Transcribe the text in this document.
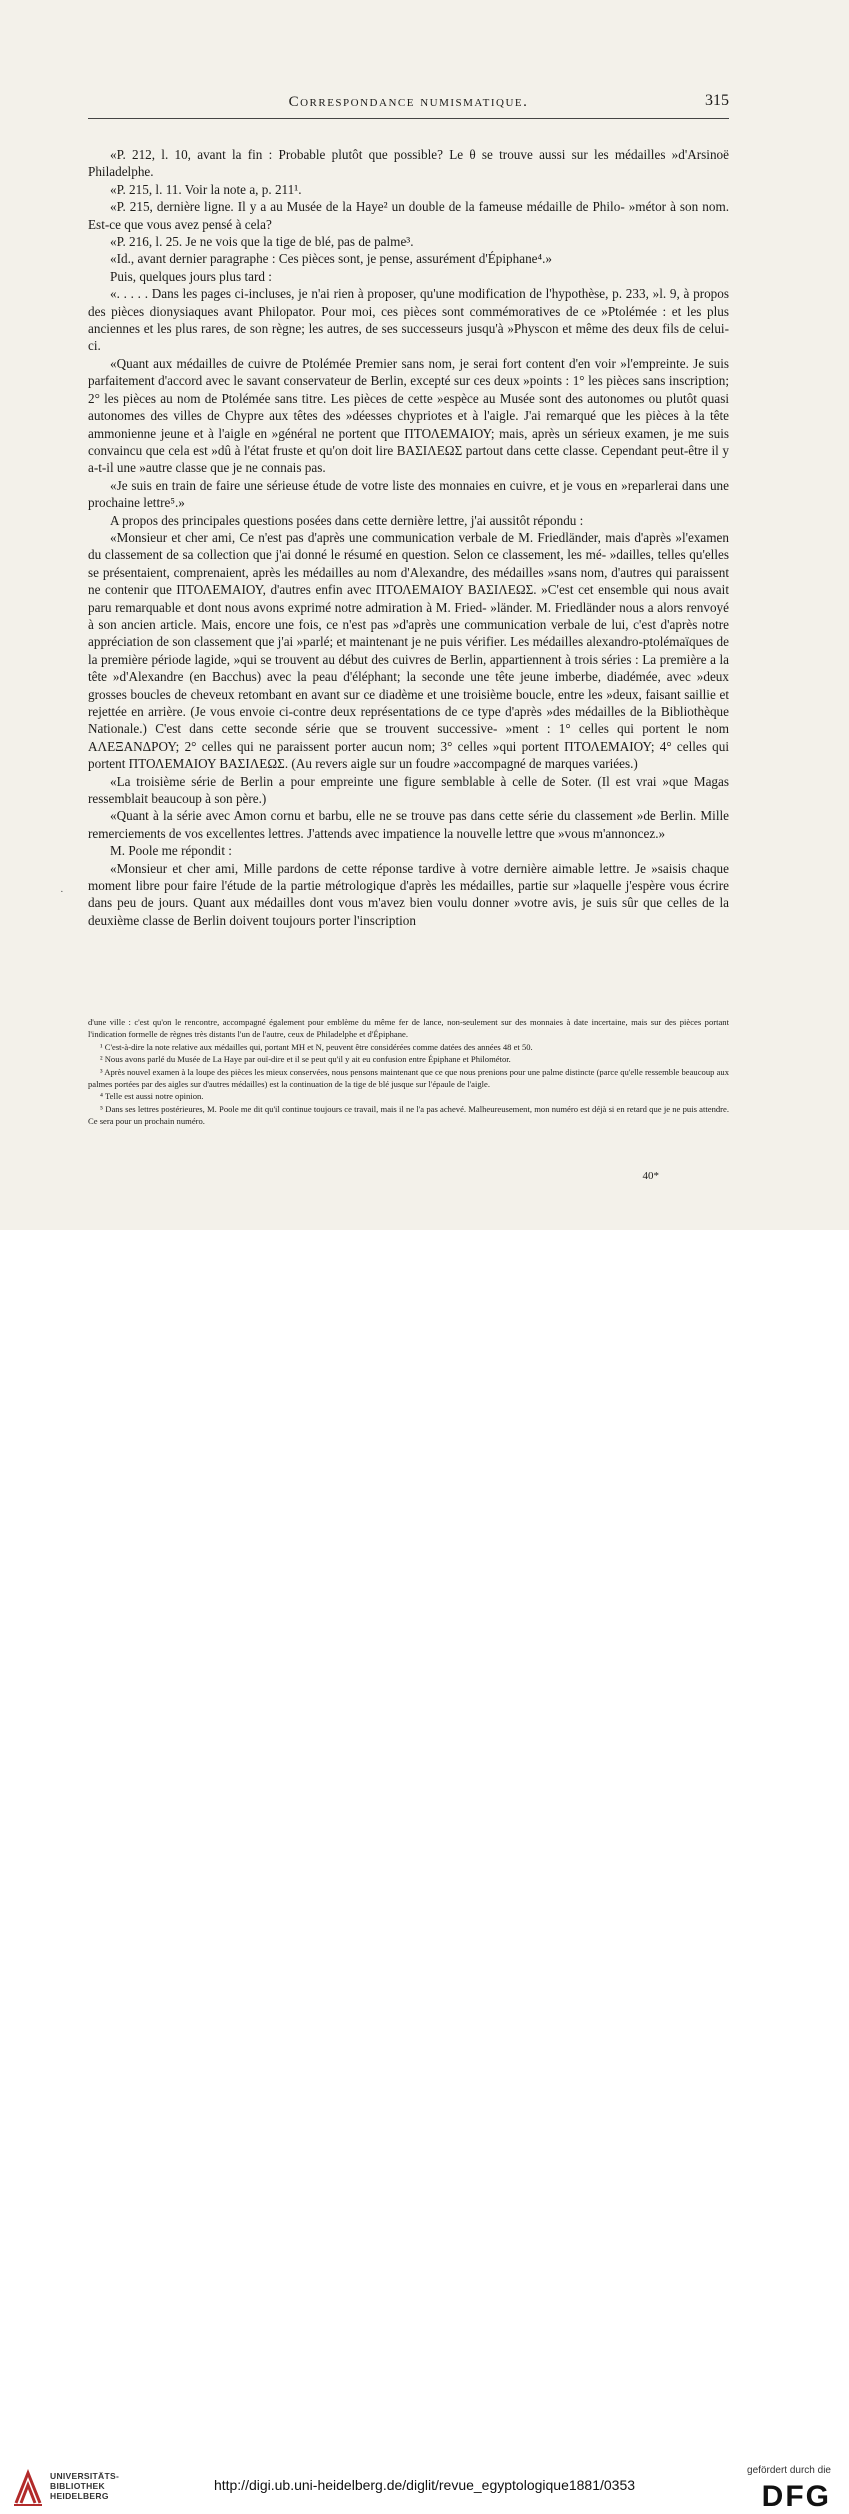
Correspondance numismatique.	315

«P. 212, l. 10, avant la fin : Probable plutôt que possible? Le θ se trouve aussi sur les médailles »d'Arsinoë Philadelphe.

«P. 215, l. 11. Voir la note a, p. 211¹.

«P. 215, dernière ligne. Il y a au Musée de la Haye² un double de la fameuse médaille de Philo- »métor à son nom. Est-ce que vous avez pensé à cela?

«P. 216, l. 25. Je ne vois que la tige de blé, pas de palme³.

«Id., avant dernier paragraphe : Ces pièces sont, je pense, assurément d'Épiphane⁴.»

Puis, quelques jours plus tard :

«. . . . . Dans les pages ci-incluses, je n'ai rien à proposer, qu'une modification de l'hypothèse, p. 233, »l. 9, à propos des pièces dionysiaques avant Philopator. Pour moi, ces pièces sont commémoratives de ce »Ptolémée : et les plus anciennes et les plus rares, de son règne; les autres, de ses successeurs jusqu'à »Physcon et même des deux fils de celui-ci.

«Quant aux médailles de cuivre de Ptolémée Premier sans nom, je serai fort content d'en voir »l'empreinte. Je suis parfaitement d'accord avec le savant conservateur de Berlin, excepté sur ces deux »points : 1° les pièces sans inscription; 2° les pièces au nom de Ptolémée sans titre. Les pièces de cette »espèce au Musée sont des autonomes ou plutôt quasi autonomes des villes de Chypre aux têtes des »déesses chypriotes et à l'aigle. J'ai remarqué que les pièces à la tête ammonienne jeune et à l'aigle en »général ne portent que ΠΤΟΛΕΜΑΙΟΥ; mais, après un sérieux examen, je me suis convaincu que cela est »dû à l'état fruste et qu'on doit lire ΒΑΣΙΛΕΩΣ partout dans cette classe. Cependant peut-être il y a-t-il une »autre classe que je ne connais pas.

«Je suis en train de faire une sérieuse étude de votre liste des monnaies en cuivre, et je vous en »reparlerai dans une prochaine lettre⁵.»

A propos des principales questions posées dans cette dernière lettre, j'ai aussitôt répondu :

«Monsieur et cher ami, Ce n'est pas d'après une communication verbale de M. Friedländer, mais d'après »l'examen du classement de sa collection que j'ai donné le résumé en question. Selon ce classement, les mé- »dailles, telles qu'elles se présentaient, comprenaient, après les médailles au nom d'Alexandre, des médailles »sans nom, d'autres qui paraissent ne contenir que ΠΤΟΛΕΜΑΙΟΥ, d'autres enfin avec ΠΤΟΛΕΜΑΙΟΥ ΒΑΣΙΛΕΩΣ. »C'est cet ensemble qui nous avait paru remarquable et dont nous avons exprimé notre admiration à M. Fried- »länder. M. Friedländer nous a alors renvoyé à son ancien article. Mais, encore une fois, ce n'est pas »d'après une communication verbale de lui, c'est d'après notre appréciation de son classement que j'ai »parlé; et maintenant je ne puis vérifier. Les médailles alexandro-ptolémaïques de la première période lagide, »qui se trouvent au début des cuivres de Berlin, appartiennent à trois séries : La première a la tête »d'Alexandre (en Bacchus) avec la peau d'éléphant; la seconde une tête jeune imberbe, diadémée, avec »deux grosses boucles de cheveux retombant en avant sur ce diadème et une troisième boucle, entre les »deux, faisant saillie et rejettée en arrière. (Je vous envoie ci-contre deux représentations de ce type d'après »des médailles de la Bibliothèque Nationale.) C'est dans cette seconde série que se trouvent successive- »ment : 1° celles qui portent le nom ΑΛΕΞΑΝΔΡΟΥ; 2° celles qui ne paraissent porter aucun nom; 3° celles »qui portent ΠΤΟΛΕΜΑΙΟΥ; 4° celles qui portent ΠΤΟΛΕΜΑΙΟΥ ΒΑΣΙΛΕΩΣ. (Au revers aigle sur un foudre »accompagné de marques variées.)

«La troisième série de Berlin a pour empreinte une figure semblable à celle de Soter. (Il est vrai »que Magas ressemblait beaucoup à son père.)

«Quant à la série avec Amon cornu et barbu, elle ne se trouve pas dans cette série du classement »de Berlin. Mille remerciements de vos excellentes lettres. J'attends avec impatience la nouvelle lettre que »vous m'annoncez.»

M. Poole me répondit :

«Monsieur et cher ami, Mille pardons de cette réponse tardive à votre dernière aimable lettre. Je »saisis chaque moment libre pour faire l'étude de la partie métrologique d'après les médailles, partie sur »laquelle j'espère vous écrire dans peu de jours. Quant aux médailles dont vous m'avez bien voulu donner »votre avis, je suis sûr que celles de la deuxième classe de Berlin doivent toujours porter l'inscription

·

d'une ville : c'est qu'on le rencontre, accompagné également pour emblème du même fer de lance, non-seulement sur des monnaies à date incertaine, mais sur des pièces portant l'indication formelle de règnes très distants l'un de l'autre, ceux de Philadelphe et d'Épiphane.

¹ C'est-à-dire la note relative aux médailles qui, portant ΜΗ et Ν, peuvent être considérées comme datées des années 48 et 50.

² Nous avons parlé du Musée de La Haye par ouï-dire et il se peut qu'il y ait eu confusion entre Épiphane et Philométor.

³ Après nouvel examen à la loupe des pièces les mieux conservées, nous pensons maintenant que ce que nous prenions pour une palme distincte (parce qu'elle ressemble beaucoup aux palmes portées par des aigles sur d'autres médailles) est la continuation de la tige de blé jusque sur l'épaule de l'aigle.

⁴ Telle est aussi notre opinion.

⁵ Dans ses lettres postérieures, M. Poole me dit qu'il continue toujours ce travail, mais il ne l'a pas achevé. Malheureusement, mon numéro est déjà si en retard que je ne puis attendre. Ce sera pour un prochain numéro.

40*
UNIVERSITÄTS-
BIBLIOTHEK
HEIDELBERG
http://digi.ub.uni-heidelberg.de/diglit/revue_egyptologique1881/0353
gefördert durch die
DFG
